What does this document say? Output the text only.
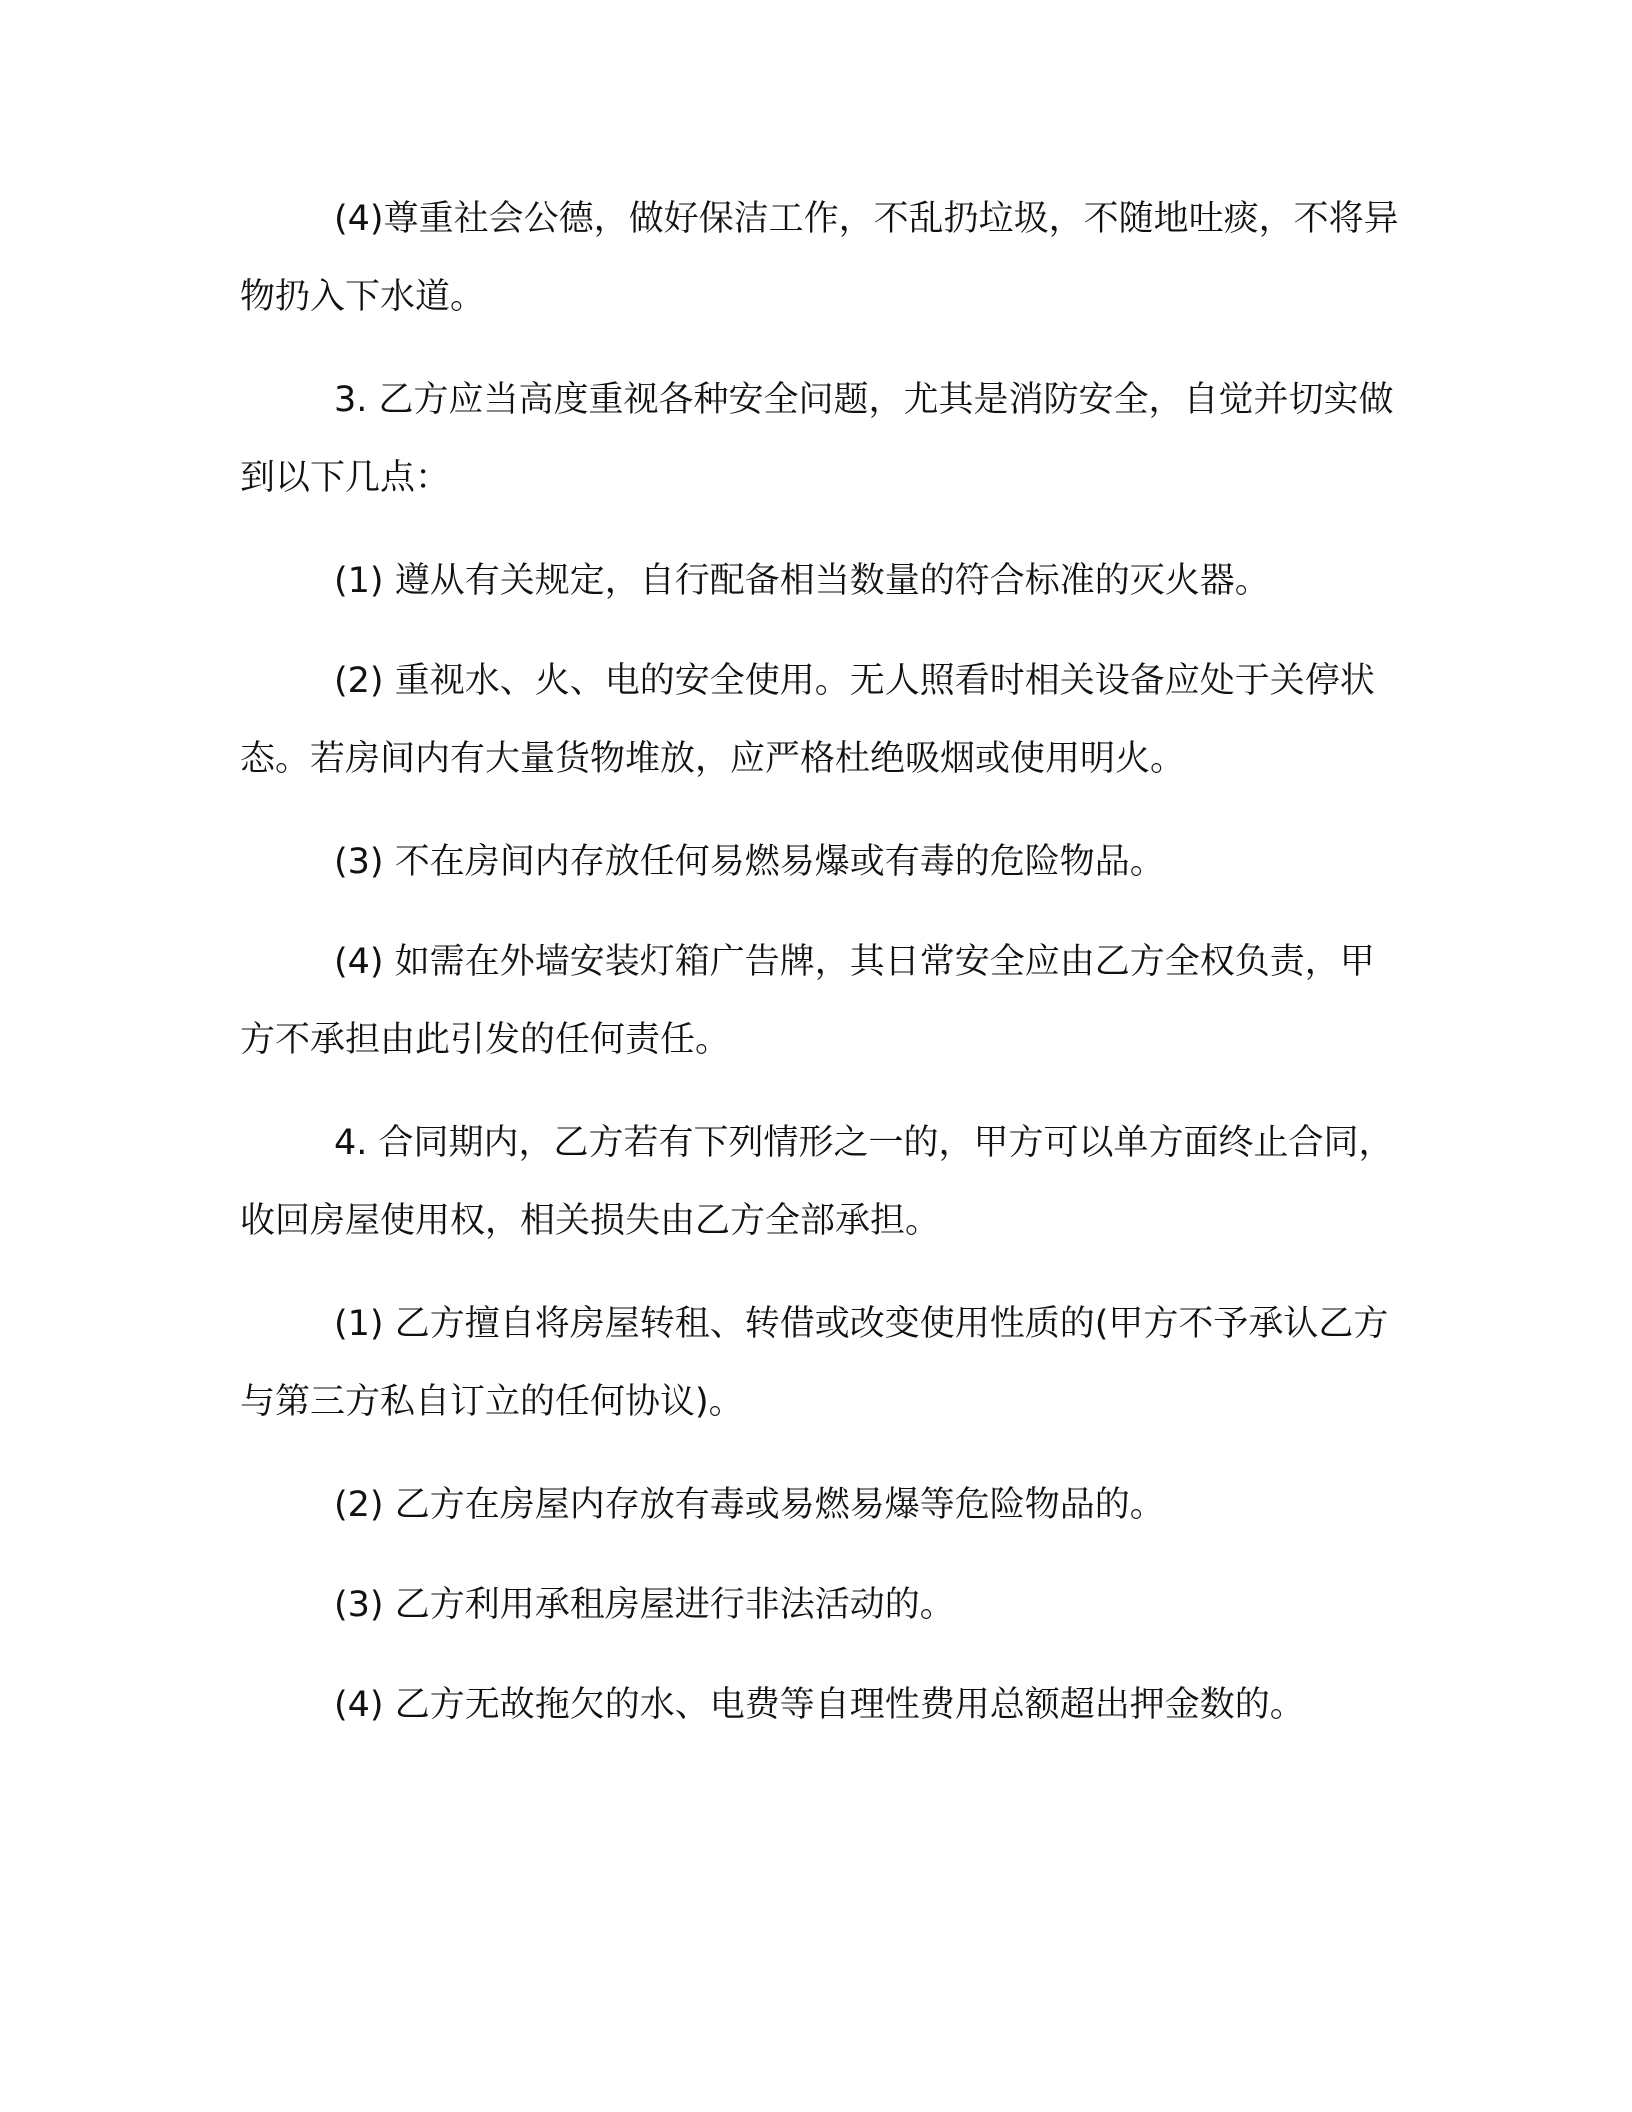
(4)尊重社会公德，做好保洁工作，不乱扔垃圾，不随地吐痰，不将异物扔入下水道。

3. 乙方应当高度重视各种安全问题，尤其是消防安全，自觉并切实做到以下几点：

(1) 遵从有关规定，自行配备相当数量的符合标准的灭火器。

(2) 重视水、火、电的安全使用。无人照看时相关设备应处于关停状态。若房间内有大量货物堆放，应严格杜绝吸烟或使用明火。

(3) 不在房间内存放任何易燃易爆或有毒的危险物品。

(4) 如需在外墙安装灯箱广告牌，其日常安全应由乙方全权负责，甲方不承担由此引发的任何责任。

4. 合同期内，乙方若有下列情形之一的，甲方可以单方面终止合同，收回房屋使用权，相关损失由乙方全部承担。

(1) 乙方擅自将房屋转租、转借或改变使用性质的(甲方不予承认乙方与第三方私自订立的任何协议)。

(2) 乙方在房屋内存放有毒或易燃易爆等危险物品的。

(3) 乙方利用承租房屋进行非法活动的。

(4) 乙方无故拖欠的水、电费等自理性费用总额超出押金数的。
